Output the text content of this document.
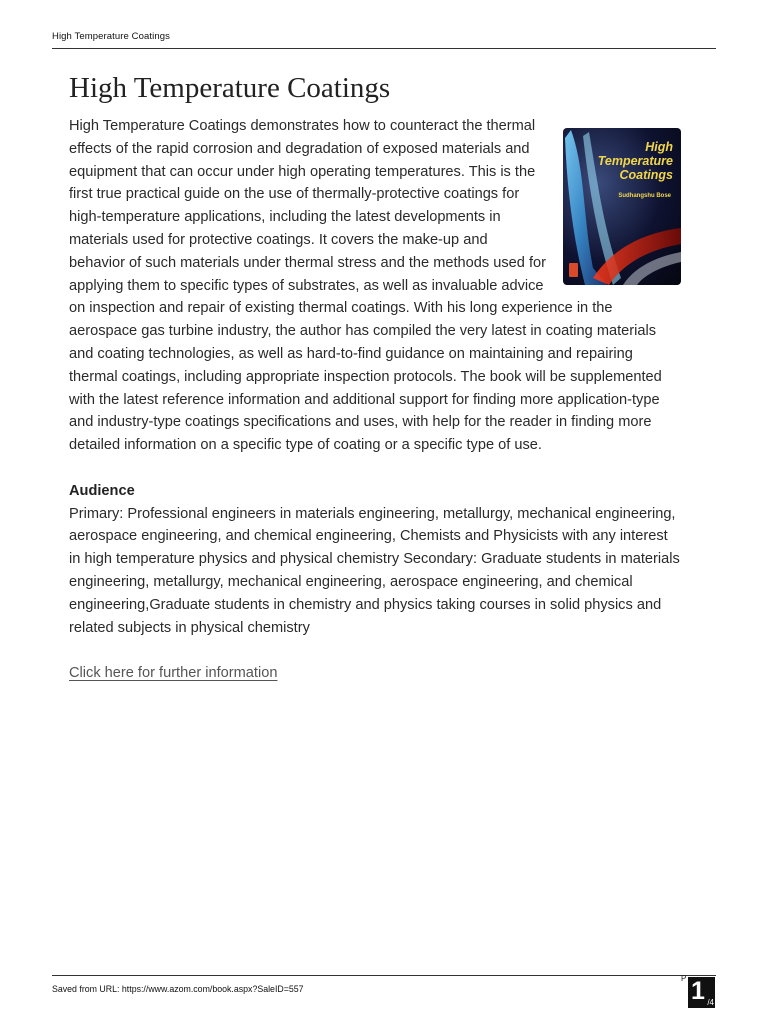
High Temperature Coatings
High Temperature Coatings
High
Temperature
Coatings
Sudhangshu Bose

High Temperature Coatings demonstrates how to counteract the thermal effects of the rapid corrosion and degradation of exposed materials and equipment that can occur under high operating temperatures. This is the first true practical guide on the use of thermally-protective coatings for high-temperature applications, including the latest developments in materials used for protective coatings. It covers the make-up and behavior of such materials under thermal stress and the methods used for applying them to specific types of substrates, as well as invaluable advice on inspection and repair of existing thermal coatings. With his long experience in the aerospace gas turbine industry, the author has compiled the very latest in coating materials and coating technologies, as well as hard-to-find guidance on maintaining and repairing thermal coatings, including appropriate inspection protocols. The book will be supplemented with the latest reference information and additional support for finding more application-type and industry-type coatings specifications and uses, with help for the reader in finding more detailed information on a specific type of coating or a specific type of use.

Audience

Primary: Professional engineers in materials engineering, metallurgy, mechanical engineering, aerospace engineering, and chemical engineering, Chemists and Physicists with any interest in high temperature physics and physical chemistry Secondary: Graduate students in materials engineering, metallurgy, mechanical engineering, aerospace engineering, and chemical engineering,Graduate students in chemistry and physics taking courses in solid physics and related subjects in physical chemistry

Click here for further information
Saved from URL: https://www.azom.com/book.aspx?SaleID=557
P 1 /4
